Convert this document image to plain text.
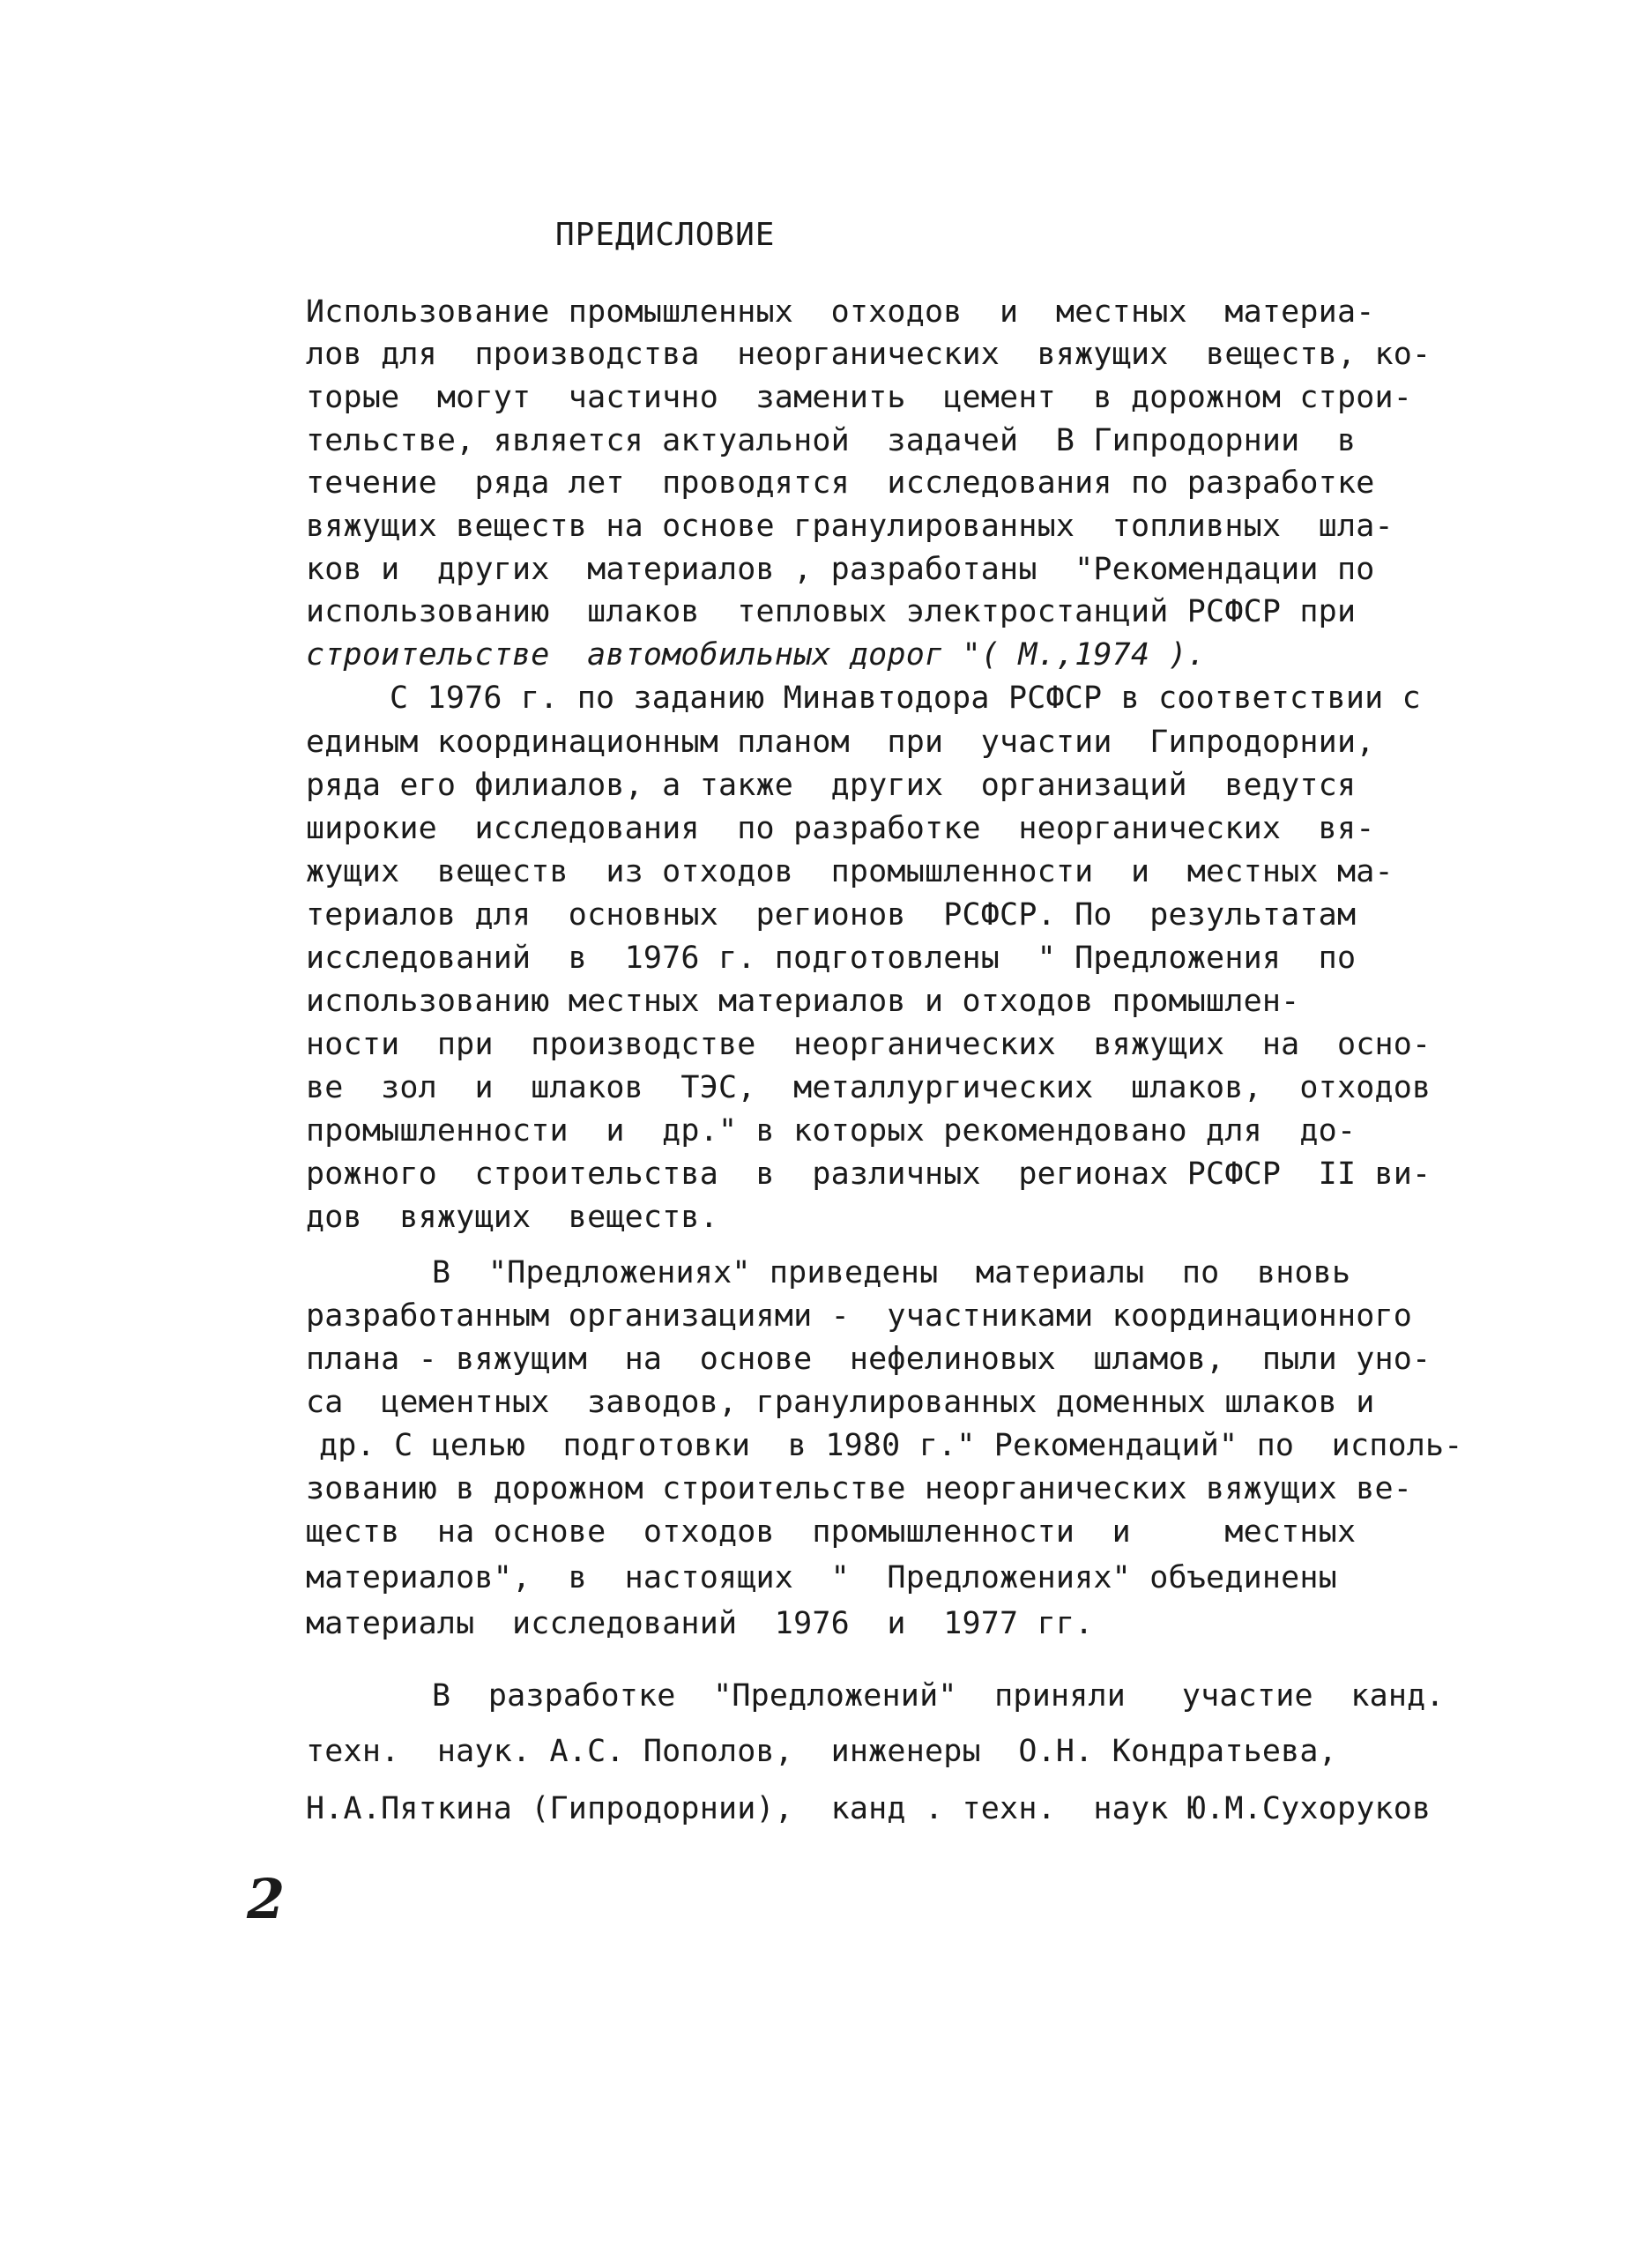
ПРЕДИСЛОВИЕ
Использование промышленных  отходов  и  местных  материа-
лов для  производства  неорганических  вяжущих  веществ, ко-
торые  могут  частично  заменить  цемент  в дорожном строи-
тельстве, является актуальной  задачей  В Гипродорнии  в
течение  ряда лет  проводятся  исследования по разработке
вяжущих веществ на основе гранулированных  топливных  шла-
ков и  других  материалов , разработаны  "Рекомендации по
использованию  шлаков  тепловых электростанций РСФСР при
строительстве  автомобильных дорог "( М.,1974 ).
С 1976 г. по заданию Минавтодора РСФСР в соответствии с
единым координационным планом  при  участии  Гипродорнии,
ряда его филиалов, а также  других  организаций  ведутся
широкие  исследования  по разработке  неорганических  вя-
жущих  веществ  из отходов  промышленности  и  местных ма-
териалов для  основных  регионов  РСФСР. По  результатам
исследований  в  1976 г. подготовлены  " Предложения  по
использованию местных материалов и отходов промышлен-
ности  при  производстве  неорганических  вяжущих  на  осно-
ве  зол  и  шлаков  ТЭС,  металлургических  шлаков,  отходов
промышленности  и  др." в которых рекомендовано для  до-
рожного  строительства  в  различных  регионах РСФСР  II ви-
дов  вяжущих  веществ.
В  "Предложениях" приведены  материалы  по  вновь
разработанным организациями -  участниками координационного
плана - вяжущим  на  основе  нефелиновых  шламов,  пыли уно-
са  цементных  заводов, гранулированных доменных шлаков и
др. С целью  подготовки  в 1980 г." Рекомендаций" по  исполь-
зованию в дорожном строительстве неорганических вяжущих ве-
ществ  на основе  отходов  промышленности  и     местных
материалов",  в  настоящих  "  Предложениях" объединены
материалы  исследований  1976  и  1977 гг.
В  разработке  "Предложений"  приняли   участие  канд.
техн.  наук. А.С. Пополов,  инженеры  О.Н. Кондратьева,
Н.А.Пяткина (Гипродорнии),  канд . техн.  наук Ю.М.Сухоруков
2
